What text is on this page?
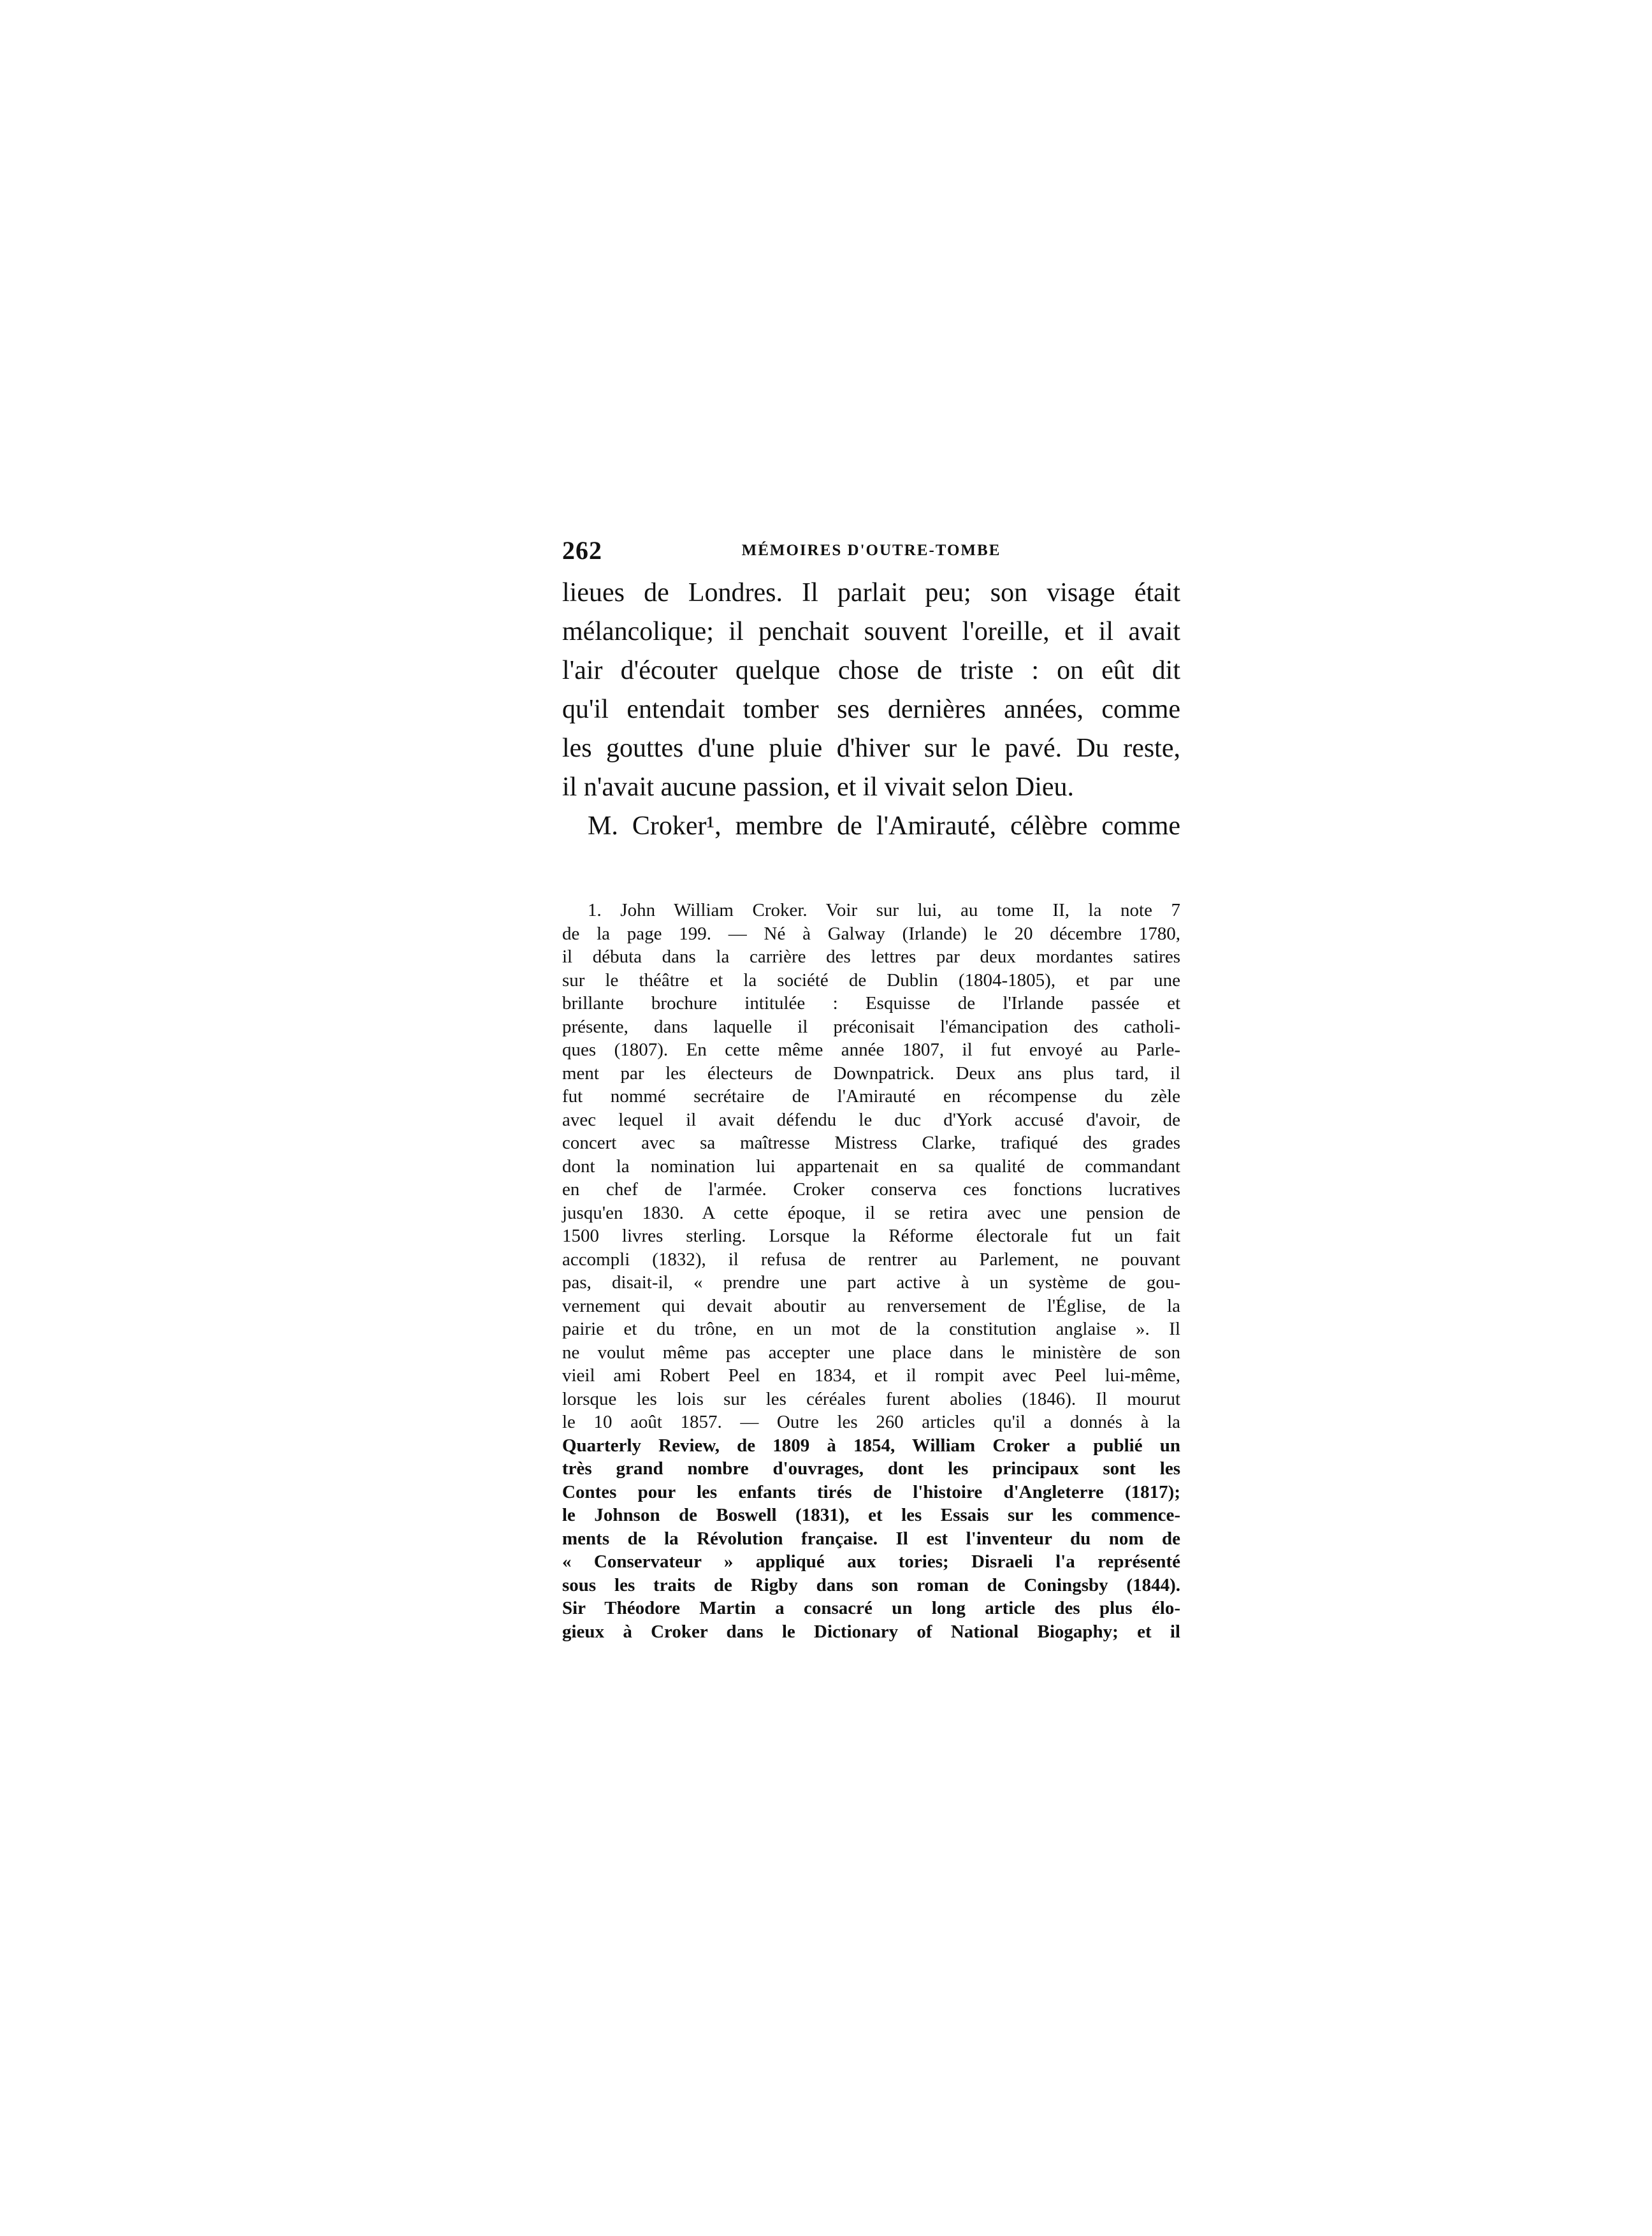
262	MÉMOIRES D'OUTRE-TOMBE
lieues de Londres. Il parlait peu; son visage était
mélancolique; il penchait souvent l'oreille, et il avait
l'air d'écouter quelque chose de triste : on eût dit
qu'il entendait tomber ses dernières années, comme
les gouttes d'une pluie d'hiver sur le pavé. Du reste,
il n'avait aucune passion, et il vivait selon Dieu.
M. Croker¹, membre de l'Amirauté, célèbre comme
1. John William Croker. Voir sur lui, au tome II, la note 7
de la page 199. — Né à Galway (Irlande) le 20 décembre 1780,
il débuta dans la carrière des lettres par deux mordantes satires
sur le théâtre et la société de Dublin (1804-1805), et par une
brillante brochure intitulée : Esquisse de l'Irlande passée et
présente, dans laquelle il préconisait l'émancipation des catholi-
ques (1807). En cette même année 1807, il fut envoyé au Parle-
ment par les électeurs de Downpatrick. Deux ans plus tard, il
fut nommé secrétaire de l'Amirauté en récompense du zèle
avec lequel il avait défendu le duc d'York accusé d'avoir, de
concert avec sa maîtresse Mistress Clarke, trafiqué des grades
dont la nomination lui appartenait en sa qualité de commandant
en chef de l'armée. Croker conserva ces fonctions lucratives
jusqu'en 1830. A cette époque, il se retira avec une pension de
1500 livres sterling. Lorsque la Réforme électorale fut un fait
accompli (1832), il refusa de rentrer au Parlement, ne pouvant
pas, disait-il, « prendre une part active à un système de gou-
vernement qui devait aboutir au renversement de l'Église, de la
pairie et du trône, en un mot de la constitution anglaise ». Il
ne voulut même pas accepter une place dans le ministère de son
vieil ami Robert Peel en 1834, et il rompit avec Peel lui-même,
lorsque les lois sur les céréales furent abolies (1846). Il mourut
le 10 août 1857. — Outre les 260 articles qu'il a donnés à la
Quarterly Review, de 1809 à 1854, William Croker a publié un
très grand nombre d'ouvrages, dont les principaux sont les
Contes pour les enfants tirés de l'histoire d'Angleterre (1817);
le Johnson de Boswell (1831), et les Essais sur les commence-
ments de la Révolution française. Il est l'inventeur du nom de
« Conservateur » appliqué aux tories; Disraeli l'a représenté
sous les traits de Rigby dans son roman de Coningsby (1844).
Sir Théodore Martin a consacré un long article des plus élo-
gieux à Croker dans le Dictionary of National Biogaphy; et il
